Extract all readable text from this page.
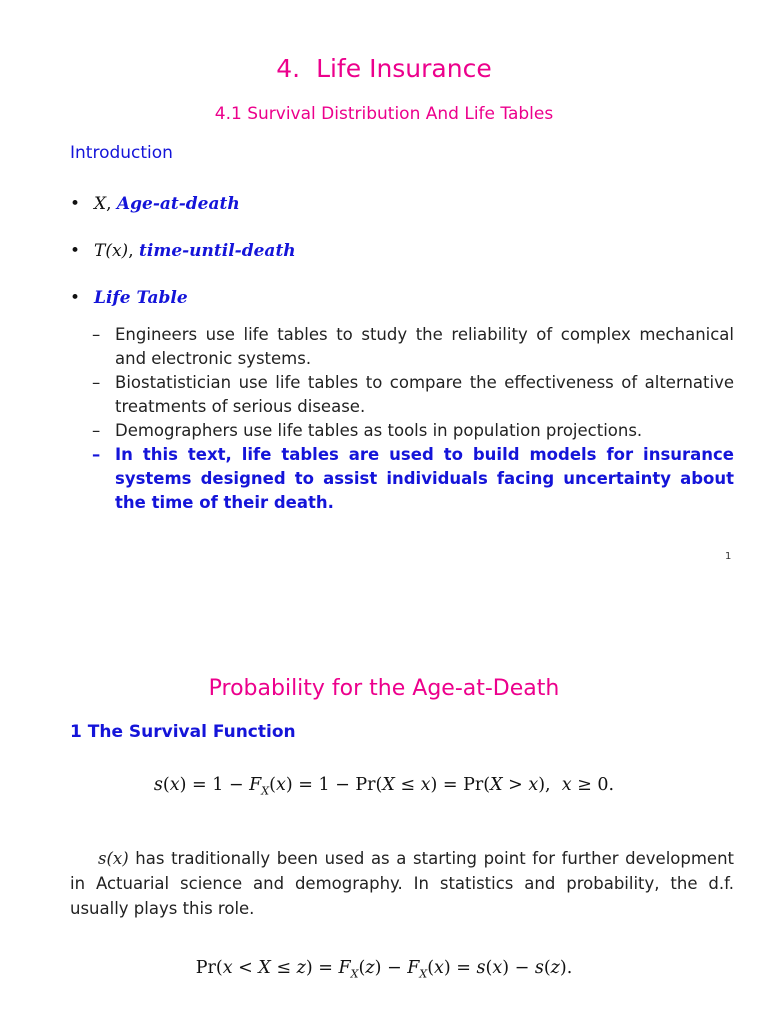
4. Life Insurance
4.1 Survival Distribution And Life Tables
Introduction
• X, Age-at-death
• T(x), time-until-death
• Life Table
– Engineers use life tables to study the reliability of complex mechanical and electronic systems.
– Biostatistician use life tables to compare the effectiveness of alternative treatments of serious disease.
– Demographers use life tables as tools in population projections.
– In this text, life tables are used to build models for insurance systems designed to assist individuals facing uncertainty about the time of their death.
1
Probability for the Age-at-Death
1 The Survival Function
$s(x) = 1 - F_X(x) = 1 - Pr(X \le x) = Pr(X > x)$,  x ≥ 0.
s(x) has traditionally been used as a starting point for further development in Actuarial science and demography. In statistics and probability, the d.f. usually plays this role.
$Pr(x < X \le z) = F_X(z) - F_X(x) = s(x) - s(z)$.
